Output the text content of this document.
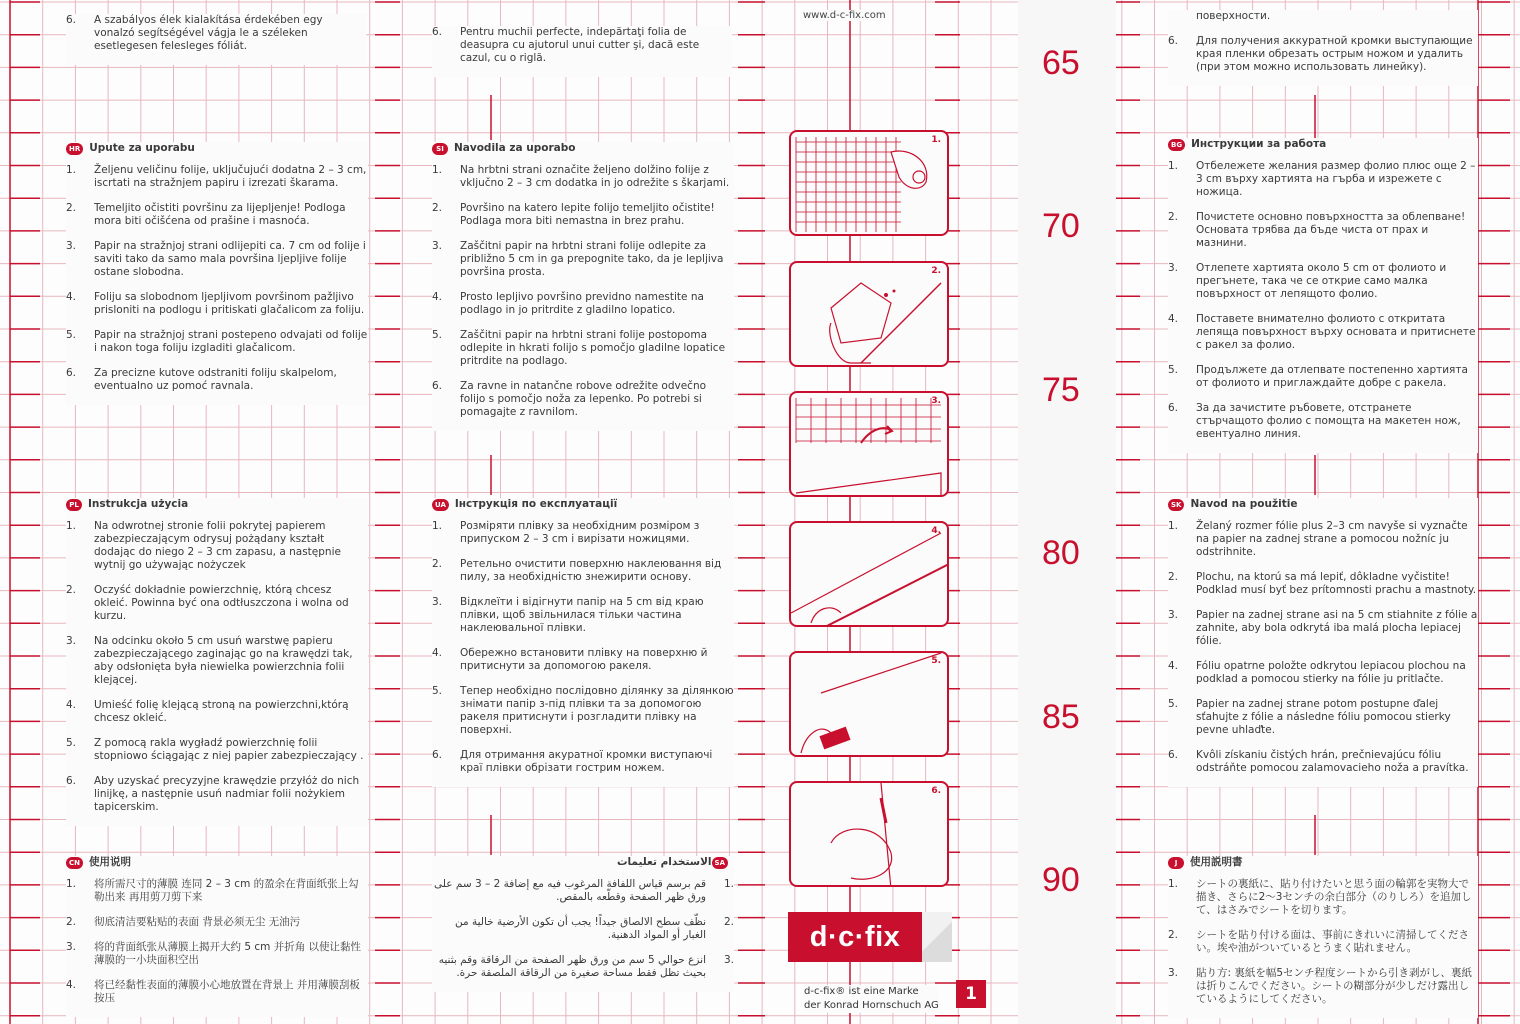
www.d-c-fix.com
65
70
75
80
85
90
6.	A szabályos élek kialakítása érdekében egy vonalzó segítségével vágja le a széleken esetlegesen felesleges fóliát.
6.	Pentru muchii perfecte, indepărtaţi folia de deasupra cu ajutorul unui cutter şi, dacă este cazul, cu o riglă.
поверхности.
6.	Для получения аккуратной кромки выступающие края пленки обрезать острым ножом и удалить (при этом можно использовать линейку).
HR Upute za uporabu
1.	Željenu veličinu folije, uključujući dodatna 2 – 3 cm, iscrtati na stražnjem papiru i izrezati škarama.
2.	Temeljito očistiti površinu za lijepljenje! Podloga mora biti očišćena od prašine i masnoća.
3.	Papir na stražnjoj strani odlijepiti ca. 7 cm od folije i saviti tako da samo mala površina ljepljive folije ostane slobodna.
4.	Foliju sa slobodnom ljepljivom površinom pažljivo prisloniti na podlogu i pritiskati glačalicom za foliju.
5.	Papir na stražnjoj strani postepeno odvajati od folije i nakon toga foliju izgladiti glačalicom.
6.	Za precizne kutove odstraniti foliju skalpelom, eventualno uz pomoć ravnala.
SI Navodila za uporabo
1.	Na hrbtni strani označite željeno dolžino folije z vključno 2 – 3 cm dodatka in jo odrežite s škarjami.
2.	Površino na katero lepite folijo temeljito očistite! Podlaga mora biti nemastna in brez prahu.
3.	Zaščitni papir na hrbtni strani folije odlepite za približno 5 cm in ga prepognite tako, da je lepljiva površina prosta.
4.	Prosto lepljivo površino previdno namestite na podlago in jo pritrdite z gladilno lopatico.
5.	Zaščitni papir na hrbtni strani folije postopoma odlepite in hkrati folijo s pomočjo gladilne lopatice pritrdite na podlago.
6.	Za ravne in natančne robove odrežite odvečno folijo s pomočjo noža za lepenko. Po potrebi si pomagajte z ravnilom.
BG Инструкции за работа
1.	Отбележете желания размер фолио плюс още 2 – 3 cm върху хартията на гърба и изрежете с ножица.
2.	Почистете основно повърхността за облепване! Основата трябва да бъде чиста от прах и мазнини.
3.	Отлепете хартията около 5 cm от фолиото и прегънете, така че се открие само малка повърхност от лепящото фолио.
4.	Поставете внимателно фолиото с откритата лепяща повърхност върху основата и притиснете с ракел за фолио.
5.	Продължете да отлепвате постепенно хартията от фолиото и приглаждайте добре с ракела.
6.	За да зачистите ръбовете, отстранете стърчащото фолио с помощта на макетен нож, евентуално линия.
PL Instrukcja użycia
1.	Na odwrotnej stronie folii pokrytej papierem zabezpieczającym odrysuj pożądany kształt dodając do niego 2 – 3 cm zapasu, a następnie wytnij go używając nożyczek
2.	Oczyść dokładnie powierzchnię, którą chcesz okleić. Powinna być ona odtłuszczona i wolna od kurzu.
3.	Na odcinku około 5 cm usuń warstwę papieru zabezpieczającego zaginając go na krawędzi tak, aby odsłonięta była niewielka powierzchnia folii klejącej.
4.	Umieść folię klejącą stroną na powierzchni,którą chcesz okleić.
5.	Z pomocą rakla wygładź powierzchnię folii stopniowo ściągając z niej papier zabezpieczający .
6.	Aby uzyskać precyzyjne krawędzie przyłóż do nich linijkę, a następnie usuń nadmiar folii nożykiem tapicerskim.
UA Інструкція по експлуатації
1.	Розміряти плівку за необхідним розміром з припуском 2 – 3 cm і вирізати ножицями.
2.	Ретельно очистити поверхню наклеювання від пилу, за необхідністю знежирити основу.
3.	Відклеїти і відігнути папір на 5 cm від краю плівки, щоб звільнилася тільки частина наклеювальної плівки.
4.	Обережно встановити плівку на поверхню й притиснути за допомогою ракеля.
5.	Тепер необхідно послідовно ділянку за ділянкою знімати папір з-під плівки та за допомогою ракеля притиснути і розгладити плівку на поверхні.
6.	Для отримання акуратної кромки виступаючі краї плівки обрізати гострим ножем.
SK Navod na použitie
1.	Želaný rozmer fólie plus 2–3 cm navyše si vyznačte na papier na zadnej strane a pomocou nožníc ju odstrihnite.
2.	Plochu, na ktorú sa má lepiť, dôkladne vyčistite! Podklad musí byť bez prítomnosti prachu a mastnoty.
3.	Papier na zadnej strane asi na 5 cm stiahnite z fólie a zahnite, aby bola odkrytá iba malá plocha lepiacej fólie.
4.	Fóliu opatrne položte odkrytou lepiacou plochou na podklad a pomocou stierky na fólie ju pritlačte.
5.	Papier na zadnej strane potom postupne ďalej sťahujte z fólie a následne fóliu pomocou stierky pevne uhlaďte.
6.	Kvôli získaniu čistých hrán, prečnievajúcu fóliu odstráňte pomocou zalamovacieho noža a pravítka.
CN 使用说明
1.	将所需尺寸的薄膜 连同 2 – 3 cm 的盈余在背面纸张上勾勒出来 再用剪刀剪下来
2.	彻底清洁要粘贴的表面 背景必须无尘 无油污
3.	将的背面纸张从薄膜上揭开大约 5 cm 并折角 以使让黏性薄膜的一小块面积空出
4.	将已经黏性表面的薄膜小心地放置在背景上 并用薄膜刮板按压
SA
الاستخدام تعليمات
.1
قم برسم قياس اللفافة المرغوب فيه مع إضافة 2 – 3 سم على ورق ظهر الصفحة وقطّعه بالمقص.
.2
نظّف سطح الالصاق جيداً! يجب أن تكون الأرضية خالية من الغبار أو المواد الدهنية.
.3
انزع حوالي 5 سم من ورق ظهر الصفحة من الرقاقة وقم بثنيه بحيث تظل فقط مساحة صغيرة من الرقاقة الملصقة حرة.
J	使用説明書
1.	シートの裏紙に、貼り付けたいと思う面の輪郭を実物大で描き、さらに2〜3センチの余白部分（のりしろ）を追加して、はさみでシートを切ります。
2.	シートを貼り付ける面は、事前にきれいに清掃してください。埃や油がついているとうまく貼れません。
3.	貼り方: 裏紙を幅5センチ程度シートから引き剥がし、裏紙は折りこんでください。シートの糊部分が少しだけ露出しているようにしてください。
1.
2.
3.
4.
5.
6.
d·c·fix
d-c-fix® ist eine Marke
der Konrad Hornschuch AG
1
